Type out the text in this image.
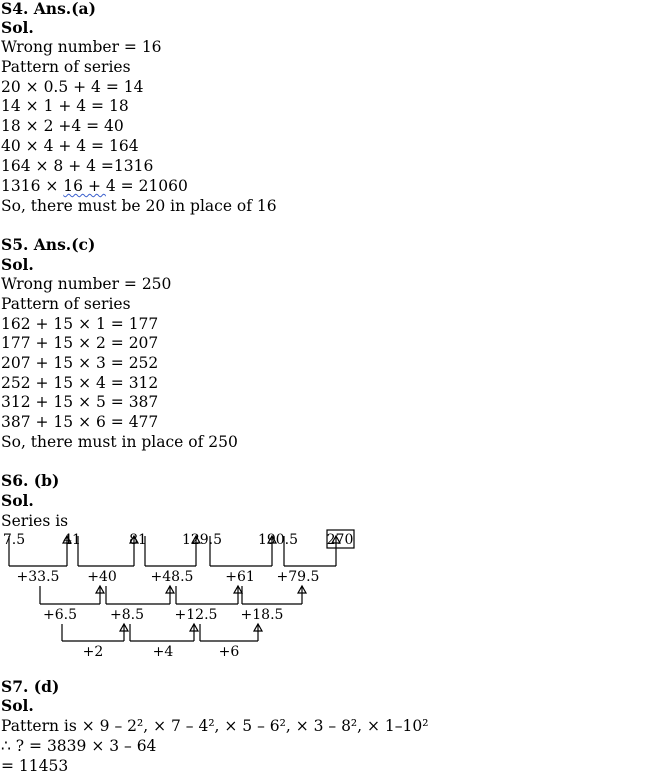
S4. Ans.(a)
Sol.
Wrong number = 16
Pattern of series
20 × 0.5 + 4 = 14
14 × 1 + 4 = 18
18 × 2 +4 = 40
40 × 4 + 4 = 164
164 × 8 + 4 =1316
1316 × 16 + 4 = 21060
So, there must be 20 in place of 16
S5. Ans.(c)
Sol.
Wrong number = 250
Pattern of series
162 + 15 × 1 = 177
177 + 15 × 2 = 207
207 + 15 × 3 = 252
252 + 15 × 4 = 312
312 + 15 × 5 = 387
387 + 15 × 6 = 477
So, there must in place of 250
S6. (b)
Sol.
Series is
7.5	41	81	129.5	190.5 270
+33.5 +40 +48.5 +61 +79.5
+6.5 +8.5 +12.5 +18.5
+2	+4	+6
S7. (d)
Sol.
Pattern is × 9 – 2², × 7 – 4², × 5 – 6², × 3 – 8², × 1–10²
∴ ? = 3839 × 3 – 64
= 11453
